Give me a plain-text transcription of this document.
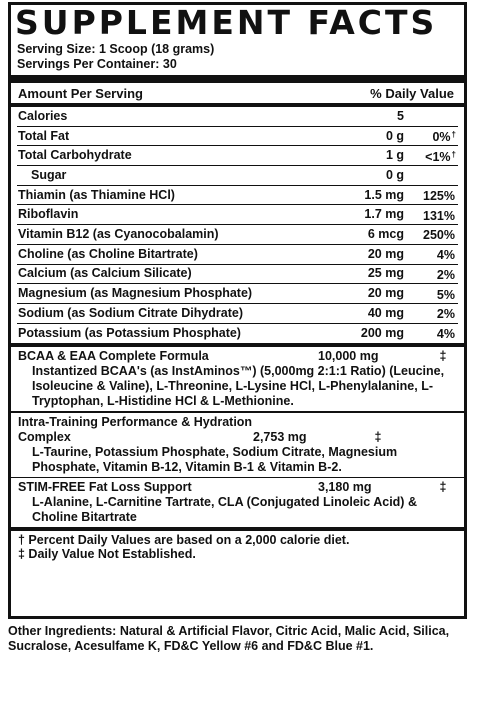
SUPPLEMENT FACTS
Serving Size: 1 Scoop (18 grams)
Servings Per Container: 30
Amount Per Serving	% Daily Value
Calories	5
Total Fat	0 g	0%†
Total Carbohydrate	1 g	<1%†
Sugar	0 g
Thiamin (as Thiamine HCl)	1.5 mg	125%
Riboflavin	1.7 mg	131%
Vitamin B12 (as Cyanocobalamin)	6 mcg	250%
Choline (as Choline Bitartrate)	20 mg	4%
Calcium (as Calcium Silicate)	25 mg	2%
Magnesium (as Magnesium Phosphate)	20 mg	5%
Sodium (as Sodium Citrate Dihydrate)	40 mg	2%
Potassium (as Potassium Phosphate)	200 mg	4%
BCAA & EAA Complete Formula	10,000 mg	‡
Instantized BCAA's (as InstAminos™) (5,000mg 2:1:1 Ratio) (Leucine, Isoleucine & Valine), L-Threonine, L-Lysine HCl, L-Phenylalanine, L-Tryptophan, L-Histidine HCl & L-Methionine.
Intra-Training Performance & Hydration Complex	2,753 mg	‡
L-Taurine, Potassium Phosphate, Sodium Citrate, Magnesium Phosphate, Vitamin B-12, Vitamin B-1 & Vitamin B-2.
STIM-FREE Fat Loss Support	3,180 mg	‡
L-Alanine, L-Carnitine Tartrate, CLA (Conjugated Linoleic Acid) & Choline Bitartrate
† Percent Daily Values are based on a 2,000 calorie diet.
‡ Daily Value Not Established.
Other Ingredients: Natural & Artificial Flavor, Citric Acid, Malic Acid, Silica, Sucralose, Acesulfame K, FD&C Yellow #6 and FD&C Blue #1.
